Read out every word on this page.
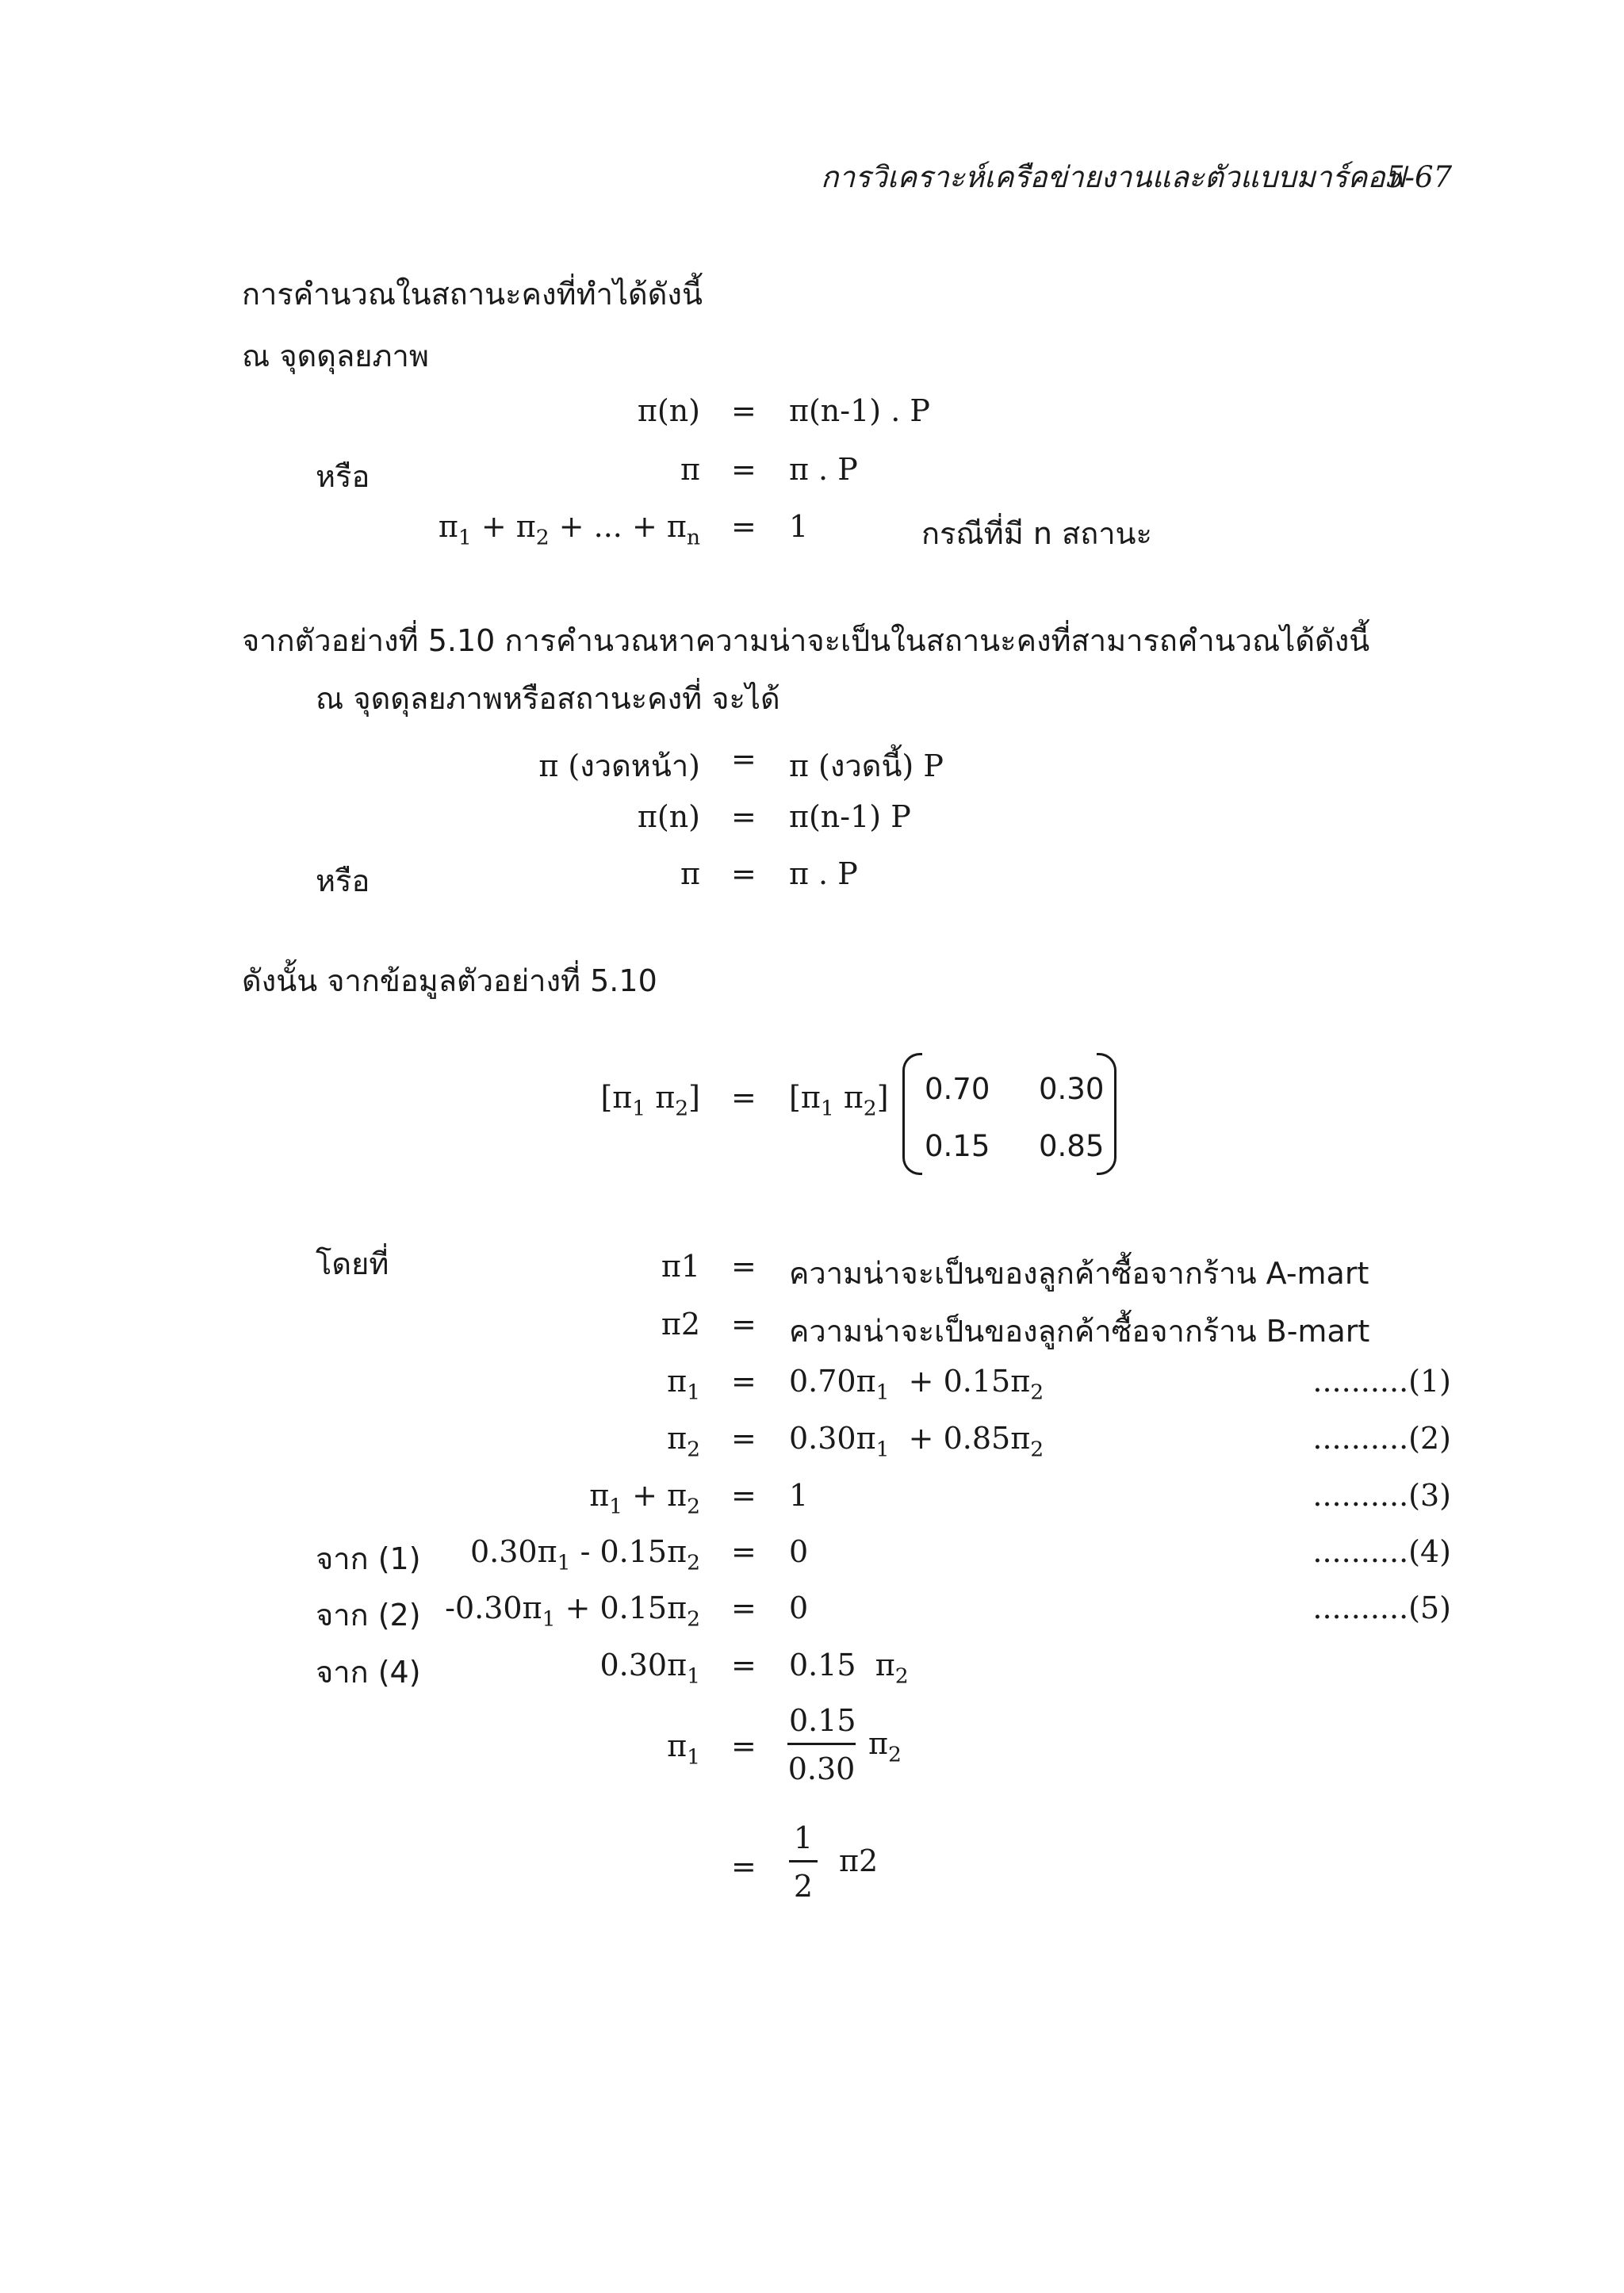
การวิเคราะห์เครือข่ายงานและตัวแบบมาร์คอฟ
5-67
การคำนวณในสถานะคงที่ทำได้ดังนี้
ณ จุดดุลยภาพ
π(n) = π(n-1) . P
หรือ	π = π . P
$\pi_1 + \pi_2$ + ... + $\pi_n = 1$	กรณีที่มี n สถานะ
จากตัวอย่างที่ 5.10 การคำนวณหาความน่าจะเป็นในสถานะคงที่สามารถคำนวณได้ดังนี้
ณ จุดดุลยภาพหรือสถานะคงที่ จะได้
π (งวดหน้า) = π (งวดนี้) P
π(n) = π(n-1) P
หรือ	π = π . P
ดังนั้น จากข้อมูลตัวอย่างที่ 5.10
[$\pi_1$ $\pi_2] = [\pi_1$ $\pi_2$] 0.70 0.30
0.15 0.85
โดยที่	π1 = ความน่าจะเป็นของลูกค้าซื้อจากร้าน A-mart
π2 = ความน่าจะเป็นของลูกค้าซื้อจากร้าน B-mart
$\pi_1 = 0.70\pi_1 + 0.15\pi_2$	..........(1)
$\pi_2 = 0.30\pi_1 + 0.85\pi_2$	..........(2)
$\pi_1 + \pi_2 = 1$	..........(3)
จาก (1) $0.30\pi_1 - 0.15\pi_2 = 0$	..........(4)
จาก (2) $-0.30\pi_1 + 0.15\pi_2 = 0$	..........(5)
จาก (4)	$0.30\pi_1 = 0.15$  $\pi_2$
$\pi_1 = \frac{0.15}{0.30} \pi_2$
= $\frac{1}{2} \pi 2$
